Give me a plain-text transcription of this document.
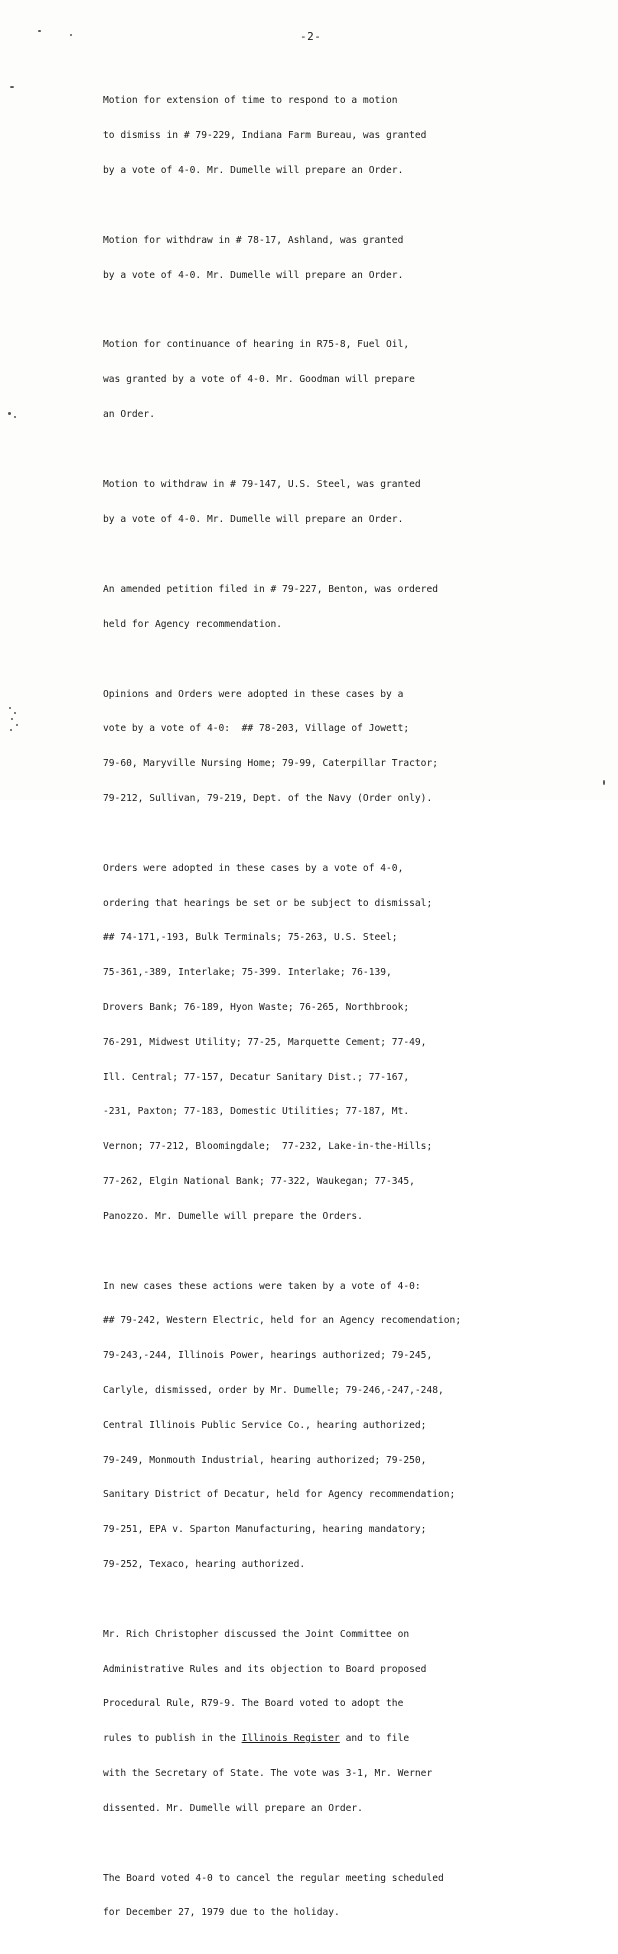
-2-

Motion for extension of time to respond to a motion

to dismiss in # 79-229, Indiana Farm Bureau, was granted

by a vote of 4-0. Mr. Dumelle will prepare an Order.

Motion for withdraw in # 78-17, Ashland, was granted

by a vote of 4-0. Mr. Dumelle will prepare an Order.

Motion for continuance of hearing in R75-8, Fuel Oil,

was granted by a vote of 4-0. Mr. Goodman will prepare

an Order.

Motion to withdraw in # 79-147, U.S. Steel, was granted

by a vote of 4-0. Mr. Dumelle will prepare an Order.

An amended petition filed in # 79-227, Benton, was ordered

held for Agency recommendation.

Opinions and Orders were adopted in these cases by a

vote by a vote of 4-0:  ## 78-203, Village of Jowett;

79-60, Maryville Nursing Home; 79-99, Caterpillar Tractor;

79-212, Sullivan, 79-219, Dept. of the Navy (Order only).

Orders were adopted in these cases by a vote of 4-0,

ordering that hearings be set or be subject to dismissal;

## 74-171,-193, Bulk Terminals; 75-263, U.S. Steel;

75-361,-389, Interlake; 75-399. Interlake; 76-139,

Drovers Bank; 76-189, Hyon Waste; 76-265, Northbrook;

76-291, Midwest Utility; 77-25, Marquette Cement; 77-49,

Ill. Central; 77-157, Decatur Sanitary Dist.; 77-167,

-231, Paxton; 77-183, Domestic Utilities; 77-187, Mt.

Vernon; 77-212, Bloomingdale;  77-232, Lake-in-the-Hills;

77-262, Elgin National Bank; 77-322, Waukegan; 77-345,

Panozzo. Mr. Dumelle will prepare the Orders.

In new cases these actions were taken by a vote of 4-0:

## 79-242, Western Electric, held for an Agency recomendation;

79-243,-244, Illinois Power, hearings authorized; 79-245,

Carlyle, dismissed, order by Mr. Dumelle; 79-246,-247,-248,

Central Illinois Public Service Co., hearing authorized;

79-249, Monmouth Industrial, hearing authorized; 79-250,

Sanitary District of Decatur, held for Agency recommendation;

79-251, EPA v. Sparton Manufacturing, hearing mandatory;

79-252, Texaco, hearing authorized.

Mr. Rich Christopher discussed the Joint Committee on

Administrative Rules and its objection to Board proposed

Procedural Rule, R79-9. The Board voted to adopt the

rules to publish in the Illinois Register and to file

with the Secretary of State. The vote was 3-1, Mr. Werner

dissented. Mr. Dumelle will prepare an Order.

The Board voted 4-0 to cancel the regular meeting scheduled

for December 27, 1979 due to the holiday.
